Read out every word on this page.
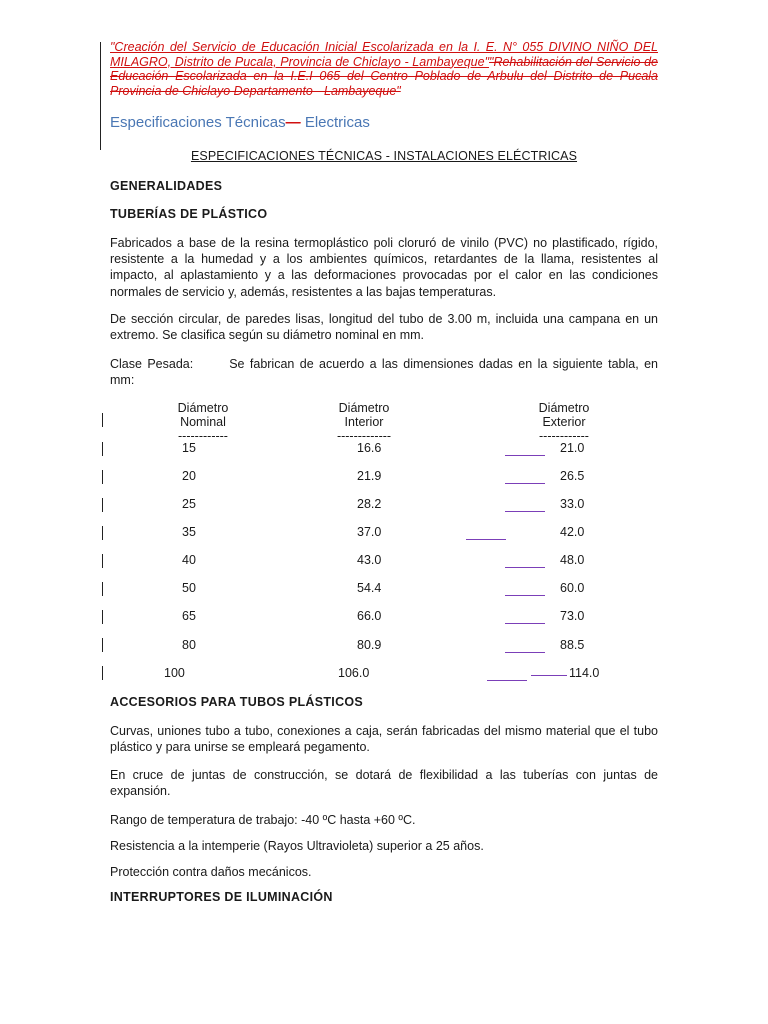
"Creación del Servicio de Educación Inicial Escolarizada en la I. E. N° 055 DIVINO NIÑO DEL MILAGRO, Distrito de Pucala, Provincia de Chiclayo - Lambayeque""Rehabilitación del Servicio de Educación Escolarizada en la I.E.I 065 del Centro Poblado de Arbulu del Distrito de Pucala Provincia de Chiclayo Departamento - Lambayeque"
Especificaciones Técnicas— Electricas
ESPECIFICACIONES TÉCNICAS - INSTALACIONES ELÉCTRICAS
GENERALIDADES
TUBERÍAS DE PLÁSTICO
Fabricados a base de la resina termoplástico poli cloruró de vinilo (PVC) no plastificado, rígido, resistente a la humedad y a los ambientes químicos, retardantes de la llama, resistentes al impacto, al aplastamiento y a las deformaciones provocadas por el calor en las condiciones normales de servicio y, además, resistentes a las bajas temperaturas.
De sección circular, de paredes lisas, longitud del tubo de 3.00 m, incluida una campana en un extremo. Se clasifica según su diámetro nominal en mm.
Clase Pesada:	Se fabrican de acuerdo a las dimensiones dadas en la siguiente tabla, en mm:
Diámetro
Nominal
------------
Diámetro
Interior
-------------
Diámetro
Exterior
------------
15	16.6	21.0
20	21.9	26.5
25	28.2	33.0
35	37.0	42.0
40	43.0	48.0
50	54.4	60.0
65	66.0	73.0
80	80.9	88.5
100	106.0	114.0
ACCESORIOS PARA TUBOS PLÁSTICOS
Curvas, uniones tubo a tubo, conexiones a caja, serán fabricadas del mismo material que el tubo plástico y para unirse se empleará pegamento.
En cruce de juntas de construcción, se dotará de flexibilidad a las tuberías con juntas de expansión.
Rango de temperatura de trabajo: -40 ºC hasta +60 ºC.
Resistencia a la intemperie (Rayos Ultravioleta) superior a 25 años.
Protección contra daños mecánicos.
INTERRUPTORES DE ILUMINACIÓN
